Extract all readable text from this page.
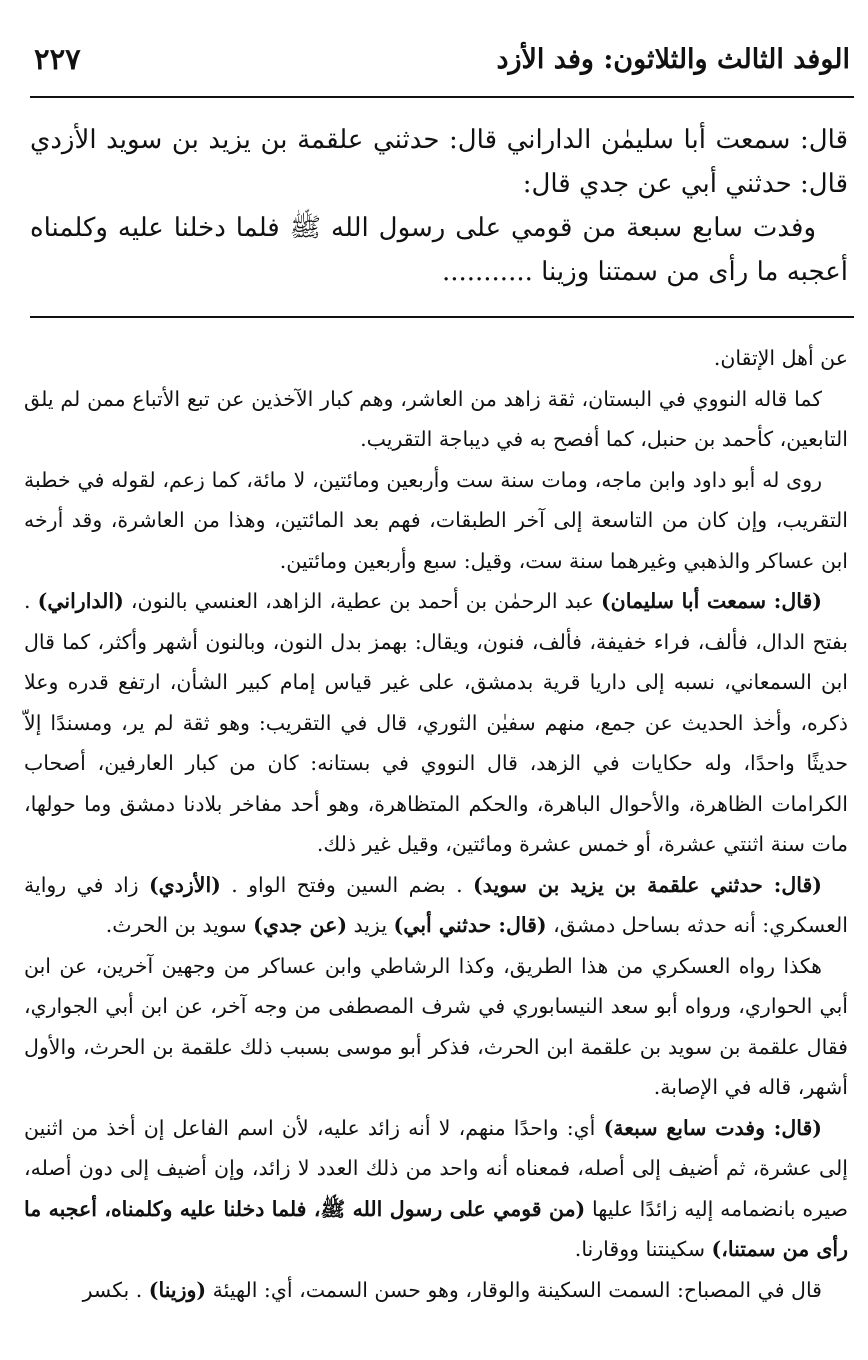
الوفد الثالث والثلاثون: وفد الأزد
٢٢٧

قال: سمعت أبا سليمٰن الداراني قال: حدثني علقمة بن يزيد بن سويد الأزدي قال: حدثني أبي عن جدي قال:

وفدت سابع سبعة من قومي على رسول الله ﷺ فلما دخلنا عليه وكلمناه أعجبه ما رأى من سمتنا وزينا ...........

عن أهل الإتقان.

كما قاله النووي في البستان، ثقة زاهد من العاشر، وهم كبار الآخذين عن تبع الأتباع ممن لم يلق التابعين، كأحمد بن حنبل، كما أفصح به في ديباجة التقريب.

روى له أبو داود وابن ماجه، ومات سنة ست وأربعين ومائتين، لا مائة، كما زعم، لقوله في خطبة التقريب، وإن كان من التاسعة إلى آخر الطبقات، فهم بعد المائتين، وهذا من العاشرة، وقد أرخه ابن عساكر والذهبي وغيرهما سنة ست، وقيل: سبع وأربعين ومائتين.

(قال: سمعت أبا سليمان) عبد الرحمٰن بن أحمد بن عطية، الزاهد، العنسي بالنون، (الداراني) . بفتح الدال، فألف، فراء خفيفة، فألف، فنون، ويقال: بهمز بدل النون، وبالنون أشهر وأكثر، كما قال ابن السمعاني، نسبه إلى داريا قرية بدمشق، على غير قياس إمام كبير الشأن، ارتفع قدره وعلا ذكره، وأخذ الحديث عن جمع، منهم سفيٰن الثوري، قال في التقريب: وهو ثقة لم ير، ومسندًا إلاّ حديثًا واحدًا، وله حكايات في الزهد، قال النووي في بستانه: كان من كبار العارفين، أصحاب الكرامات الظاهرة، والأحوال الباهرة، والحكم المتظاهرة، وهو أحد مفاخر بلادنا دمشق وما حولها، مات سنة اثنتي عشرة، أو خمس عشرة ومائتين، وقيل غير ذلك.

(قال: حدثني علقمة بن يزيد بن سويد) . بضم السين وفتح الواو . (الأزدي) زاد في رواية العسكري: أنه حدثه بساحل دمشق، (قال: حدثني أبي) يزيد (عن جدي) سويد بن الحرث.

هكذا رواه العسكري من هذا الطريق، وكذا الرشاطي وابن عساكر من وجهين آخرين، عن ابن أبي الحواري، ورواه أبو سعد النيسابوري في شرف المصطفى من وجه آخر، عن ابن أبي الجواري، فقال علقمة بن سويد بن علقمة ابن الحرث، فذكر أبو موسى بسبب ذلك علقمة بن الحرث، والأول أشهر، قاله في الإصابة.

(قال: وفدت سابع سبعة) أي: واحدًا منهم، لا أنه زائد عليه، لأن اسم الفاعل إن أخذ من اثنين إلى عشرة، ثم أضيف إلى أصله، فمعناه أنه واحد من ذلك العدد لا زائد، وإن أضيف إلى دون أصله، صيره بانضمامه إليه زائدًا عليها (من قومي على رسول الله ﷺ، فلما دخلنا عليه وكلمناه، أعجبه ما رأى من سمتنا،) سكينتنا ووقارنا.

قال في المصباح: السمت السكينة والوقار، وهو حسن السمت، أي: الهيئة (وزينا) . بكسر
